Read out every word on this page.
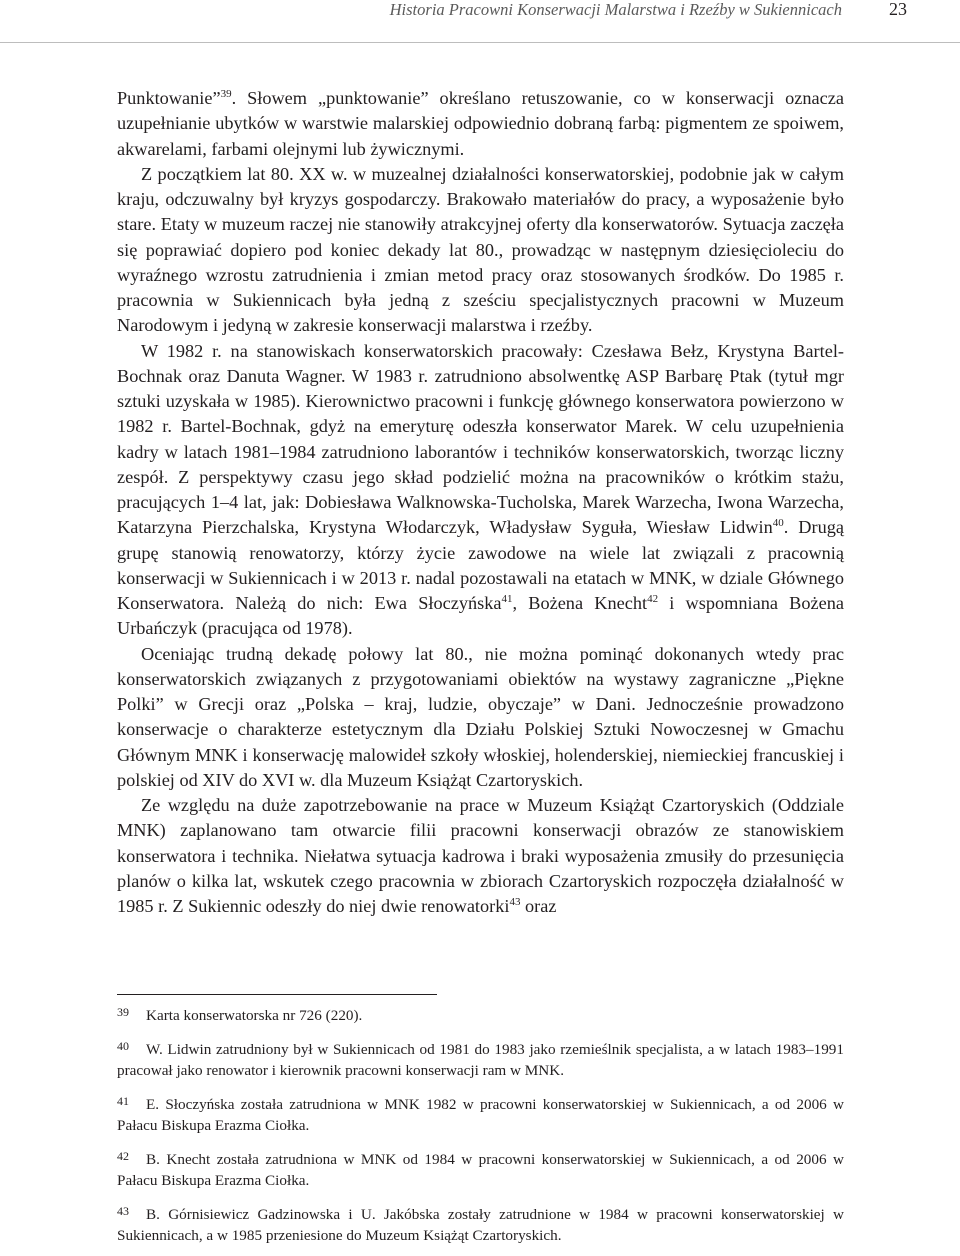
Historia Pracowni Konserwacji Malarstwa i Rzeźby w Sukiennicach	23

Punktowanie”$^{39}$. Słowem „punktowanie” określano retuszowanie, co w konserwacji oznacza uzupełnianie ubytków w warstwie malarskiej odpowiednio dobraną farbą: pigmentem ze spoiwem, akwarelami, farbami olejnymi lub żywicznymi.

Z początkiem lat 80. XX w. w muzealnej działalności konserwatorskiej, podobnie jak w całym kraju, odczuwalny był kryzys gospodarczy. Brakowało materiałów do pracy, a wyposażenie było stare. Etaty w muzeum raczej nie stanowiły atrakcyjnej oferty dla konserwatorów. Sytuacja zaczęła się poprawiać dopiero pod koniec dekady lat 80., prowadząc w następnym dziesięcioleciu do wyraźnego wzrostu zatrudnienia i zmian metod pracy oraz stosowanych środków. Do 1985 r. pracownia w Sukiennicach była jedną z sześciu specjalistycznych pracowni w Muzeum Narodowym i jedyną w zakresie konserwacji malarstwa i rzeźby.

W 1982 r. na stanowiskach konserwatorskich pracowały: Czesława Bełz, Krystyna Bartel-Bochnak oraz Danuta Wagner. W 1983 r. zatrudniono absolwentkę ASP Barbarę Ptak (tytuł mgr sztuki uzyskała w 1985). Kierownictwo pracowni i funkcję głównego konserwatora powierzono w 1982 r. Bartel-Bochnak, gdyż na emeryturę odeszła konserwator Marek. W celu uzupełnienia kadry w latach 1981–1984 zatrudniono laborantów i techników konserwatorskich, tworząc liczny zespół. Z perspektywy czasu jego skład podzielić można na pracowników o krótkim stażu, pracujących 1–4 lat, jak: Dobiesława Walknowska-Tucholska, Marek Warzecha, Iwona Warzecha, Katarzyna Pierzchalska, Krystyna Włodarczyk, Władysław Syguła, Wiesław Lidwin$^{40}$. Drugą grupę stanowią renowatorzy, którzy życie zawodowe na wiele lat związali z pracownią konserwacji w Sukiennicach i w 2013 r. nadal pozostawali na etatach w MNK, w dziale Głównego Konserwatora. Należą do nich: Ewa Słoczyńska$^{41}$, Bożena Knecht$^{42}$ i wspomniana Bożena Urbańczyk (pracująca od 1978).

Oceniając trudną dekadę połowy lat 80., nie można pominąć dokonanych wtedy prac konserwatorskich związanych z przygotowaniami obiektów na wystawy zagraniczne „Piękne Polki” w Grecji oraz „Polska – kraj, ludzie, obyczaje” w Dani. Jednocześnie prowadzono konserwacje o charakterze estetycznym dla Działu Polskiej Sztuki Nowoczesnej w Gmachu Głównym MNK i konserwację malowideł szkoły włoskiej, holenderskiej, niemieckiej francuskiej i polskiej od XIV do XVI w. dla Muzeum Książąt Czartoryskich.

Ze względu na duże zapotrzebowanie na prace w Muzeum Książąt Czartoryskich (Oddziale MNK) zaplanowano tam otwarcie filii pracowni konserwacji obrazów ze stanowiskiem konserwatora i technika. Niełatwa sytuacja kadrowa i braki wyposażenia zmusiły do przesunięcia planów o kilka lat, wskutek czego pracownia w zbiorach Czartoryskich rozpoczęła działalność w 1985 r. Z Sukiennic odeszły do niej dwie renowatorki$^{43}$ oraz

39 Karta konserwatorska nr 726 (220).
40 W. Lidwin zatrudniony był w Sukiennicach od 1981 do 1983 jako rzemieślnik specjalista, a w latach 1983–1991 pracował jako renowator i kierownik pracowni konserwacji ram w MNK.
41 E. Słoczyńska została zatrudniona w MNK 1982 w pracowni konserwatorskiej w Sukiennicach, a od 2006 w Pałacu Biskupa Erazma Ciołka.
42 B. Knecht została zatrudniona w MNK od 1984 w pracowni konserwatorskiej w Sukiennicach, a od 2006 w Pałacu Biskupa Erazma Ciołka.
43 B. Górnisiewicz Gadzinowska i U. Jakóbska zostały zatrudnione w 1984 w pracowni konserwatorskiej w Sukiennicach, a w 1985 przeniesione do Muzeum Książąt Czartoryskich.
